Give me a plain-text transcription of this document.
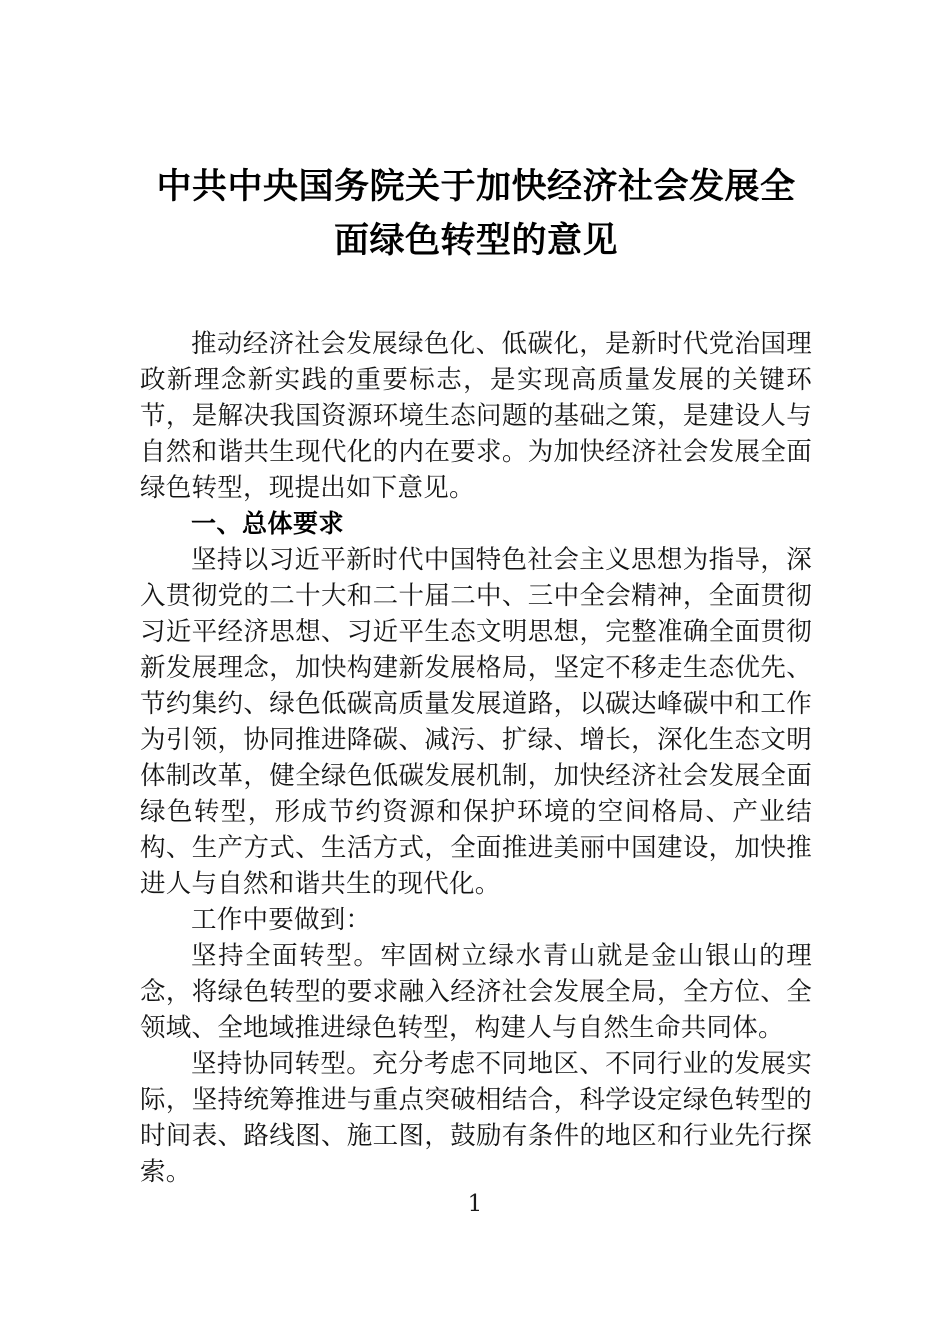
中共中央国务院关于加快经济社会发展全
面绿色转型的意见

推动经济社会发展绿色化、低碳化，是新时代党治国理政新理念新实践的重要标志，是实现高质量发展的关键环节，是解决我国资源环境生态问题的基础之策，是建设人与自然和谐共生现代化的内在要求。为加快经济社会发展全面绿色转型，现提出如下意见。

一、总体要求

坚持以习近平新时代中国特色社会主义思想为指导，深入贯彻党的二十大和二十届二中、三中全会精神，全面贯彻习近平经济思想、习近平生态文明思想，完整准确全面贯彻新发展理念，加快构建新发展格局，坚定不移走生态优先、节约集约、绿色低碳高质量发展道路，以碳达峰碳中和工作为引领，协同推进降碳、减污、扩绿、增长，深化生态文明体制改革，健全绿色低碳发展机制，加快经济社会发展全面绿色转型，形成节约资源和保护环境的空间格局、产业结构、生产方式、生活方式，全面推进美丽中国建设，加快推进人与自然和谐共生的现代化。

工作中要做到：

坚持全面转型。牢固树立绿水青山就是金山银山的理念，将绿色转型的要求融入经济社会发展全局，全方位、全领域、全地域推进绿色转型，构建人与自然生命共同体。

坚持协同转型。充分考虑不同地区、不同行业的发展实际，坚持统筹推进与重点突破相结合，科学设定绿色转型的时间表、路线图、施工图，鼓励有条件的地区和行业先行探索。

1
